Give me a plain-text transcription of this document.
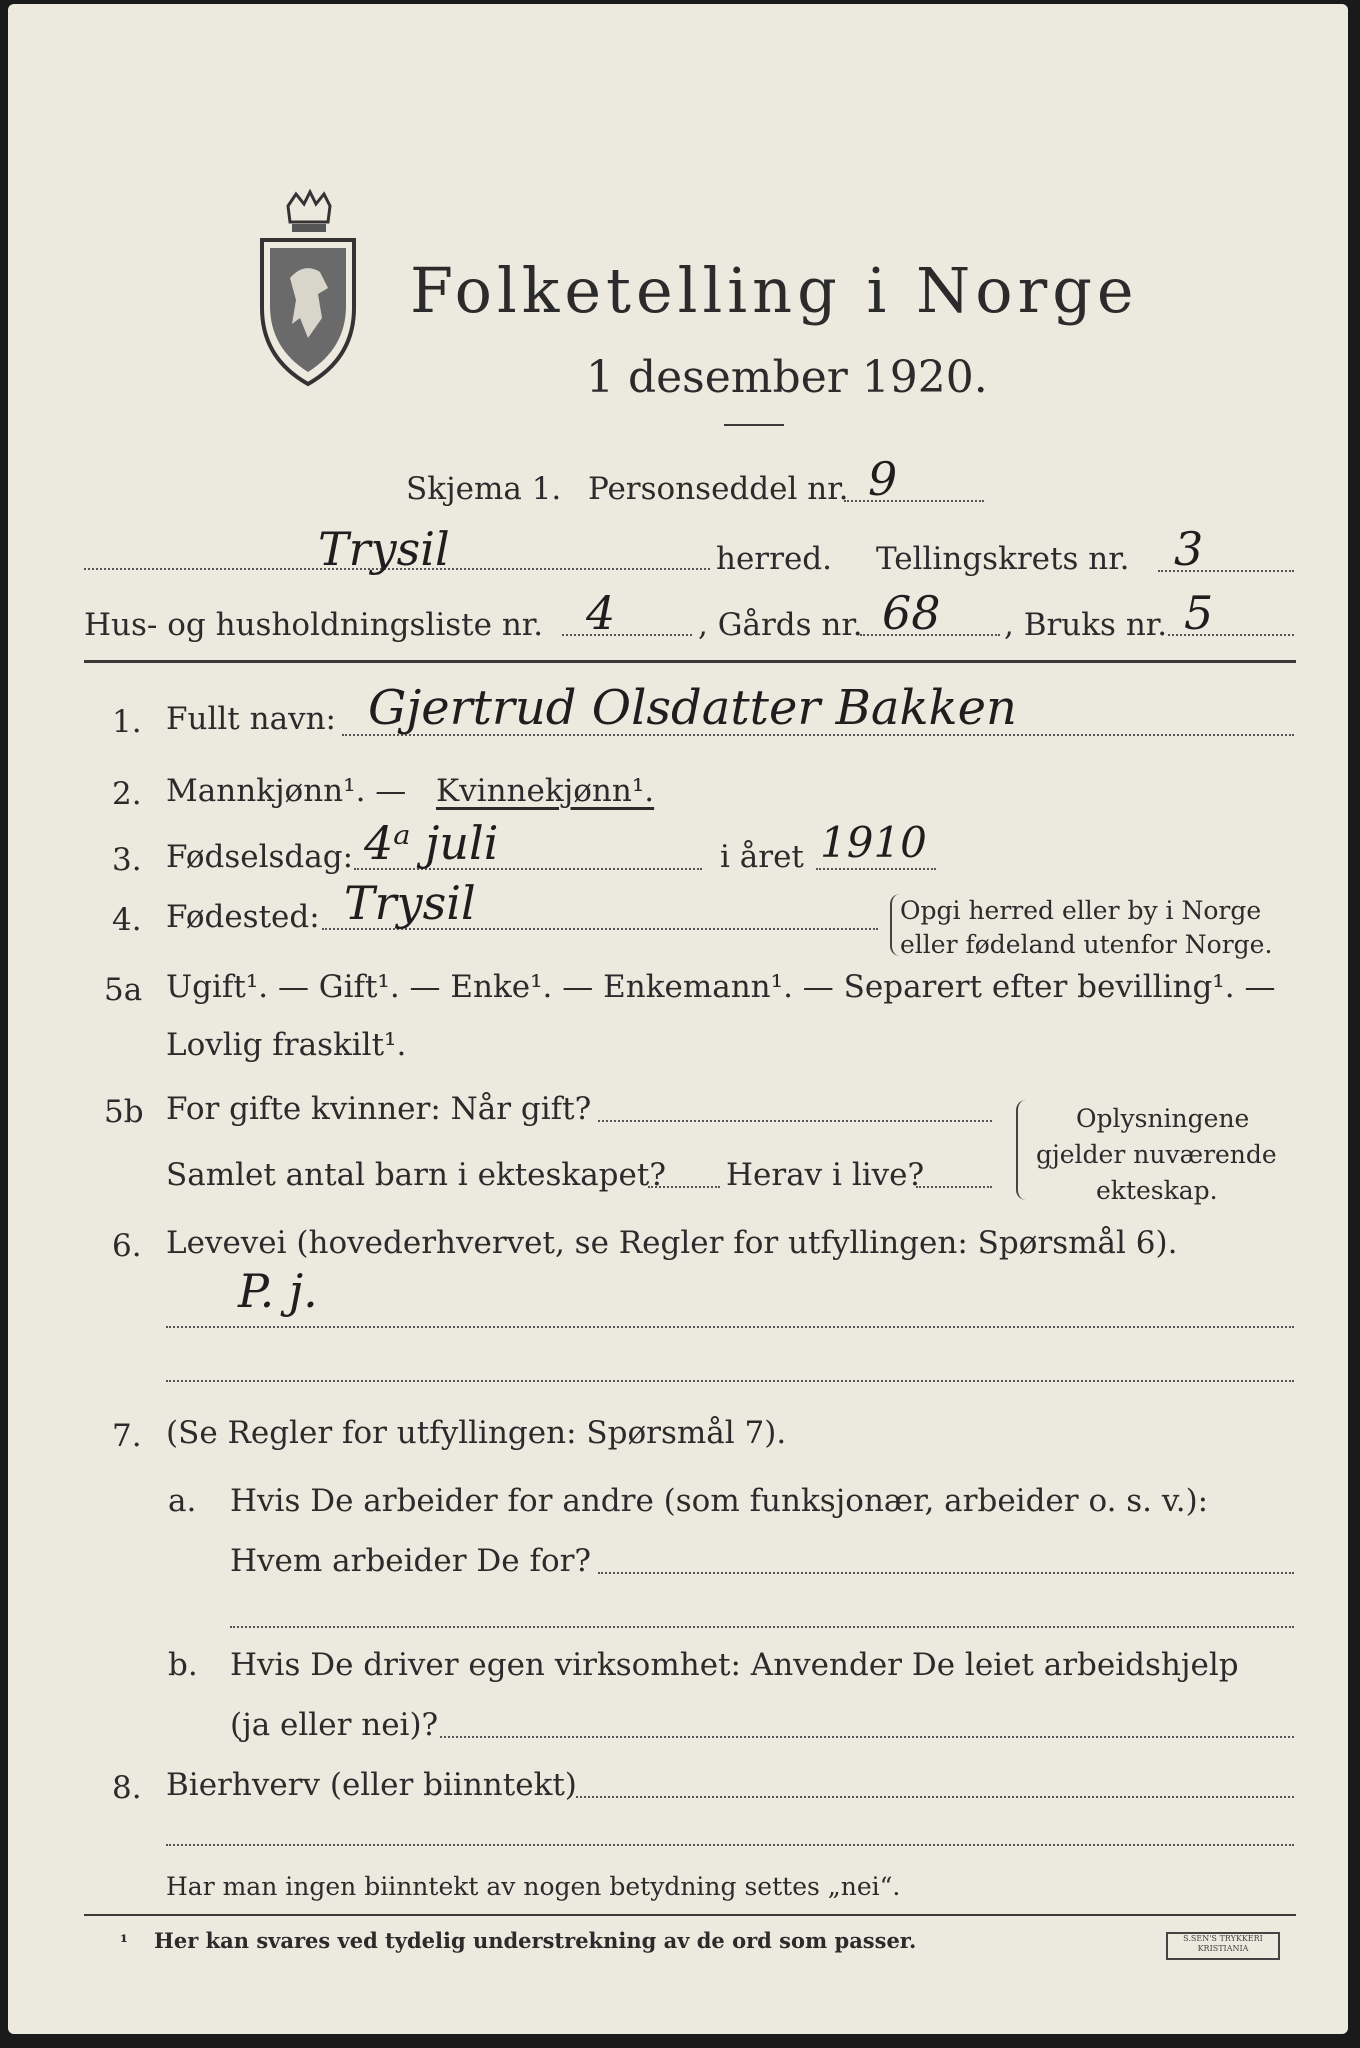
Folketelling i Norge
1 desember 1920.
Skjema 1. Personseddel nr. 9
Trysil	herred. Tellingskrets nr. 3
Hus- og husholdningsliste nr. 4	, Gårds nr. 68 , Bruks nr. 5
1. Fullt navn: Gjertrud Olsdatter Bakken
2. Mannkjønn¹. — Kvinnekjønn¹.
3. Fødselsdag: 4ᵃ juli	i året 1910
4. Fødested: Trysil	Opgi herred eller by i Norge
eller fødeland utenfor Norge.
5a Ugift¹. — Gift¹. — Enke¹. — Enkemann¹. — Separert efter bevilling¹. —
Lovlig fraskilt¹.
5b For gifte kvinner: Når gift?
Samlet antal barn i ekteskapet? Herav i live?
Oplysningene
gjelder nuværende
ekteskap.
6. Levevei (hovederhvervet, se Regler for utfyllingen: Spørsmål 6).
P. j.
7. (Se Regler for utfyllingen: Spørsmål 7).
a. Hvis De arbeider for andre (som funksjonær, arbeider o. s. v.):
Hvem arbeider De for?
b. Hvis De driver egen virksomhet: Anvender De leiet arbeidshjelp
(ja eller nei)?
8. Bierhverv (eller biinntekt)
Har man ingen biinntekt av nogen betydning settes „nei“.
¹ Her kan svares ved tydelig understrekning av de ord som passer.	S.SEN'S TRYKKERI KRISTIANIA
